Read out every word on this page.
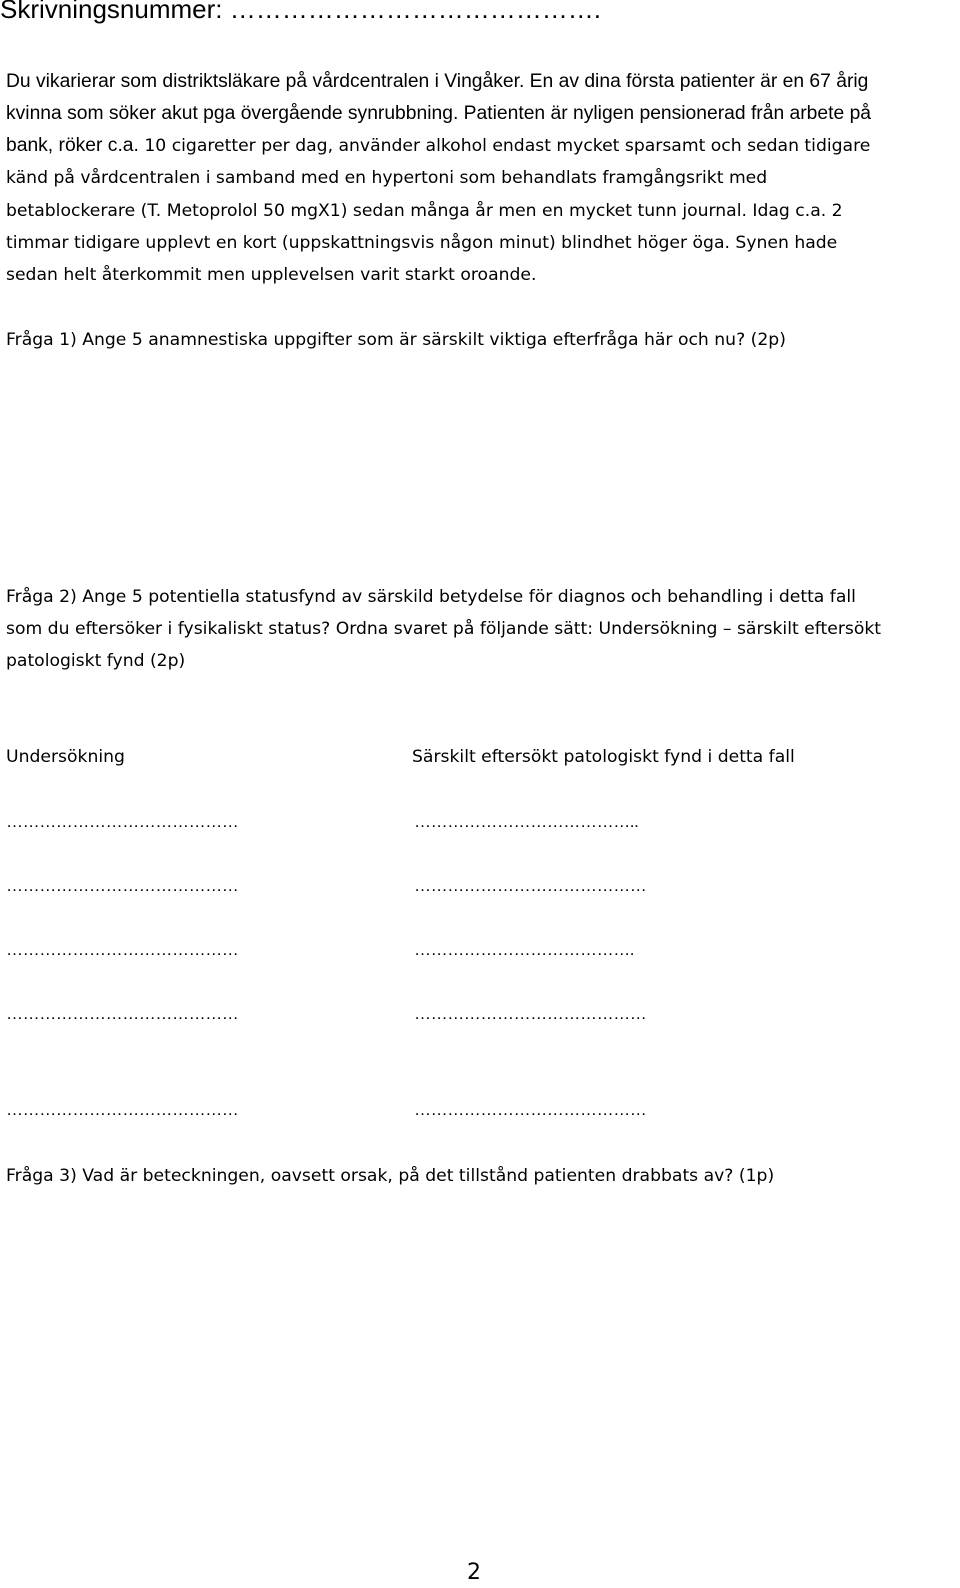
Skrivningsnummer: …………………………………….
Du vikarierar som distriktsläkare på vårdcentralen i Vingåker. En av dina första patienter är en 67 årig
kvinna som söker akut pga övergående synrubbning. Patienten är nyligen pensionerad från arbete på
bank, röker c.a. 10 cigaretter per dag, använder alkohol endast mycket sparsamt och sedan tidigare
känd på vårdcentralen i samband med en hypertoni som behandlats framgångsrikt med
betablockerare (T. Metoprolol 50 mgX1) sedan många år men en mycket tunn journal. Idag c.a. 2
timmar tidigare upplevt en kort (uppskattningsvis någon minut) blindhet höger öga. Synen hade
sedan helt återkommit men upplevelsen varit starkt oroande.
Fråga 1) Ange 5 anamnestiska uppgifter som är särskilt viktiga efterfråga här och nu? (2p)
Fråga 2) Ange 5 potentiella statusfynd av särskild betydelse för diagnos och behandling i detta fall
som du eftersöker i fysikaliskt status? Ordna svaret på följande sätt: Undersökning – särskilt eftersökt
patologiskt fynd (2p)
Undersökning	Särskilt eftersökt patologiskt fynd i detta fall
……………………………………	…………………………………..
……………………………………	……………………………………
……………………………………	………………………………….
……………………………………	……………………………………
……………………………………	……………………………………
Fråga 3) Vad är beteckningen, oavsett orsak, på det tillstånd patienten drabbats av? (1p)
2
